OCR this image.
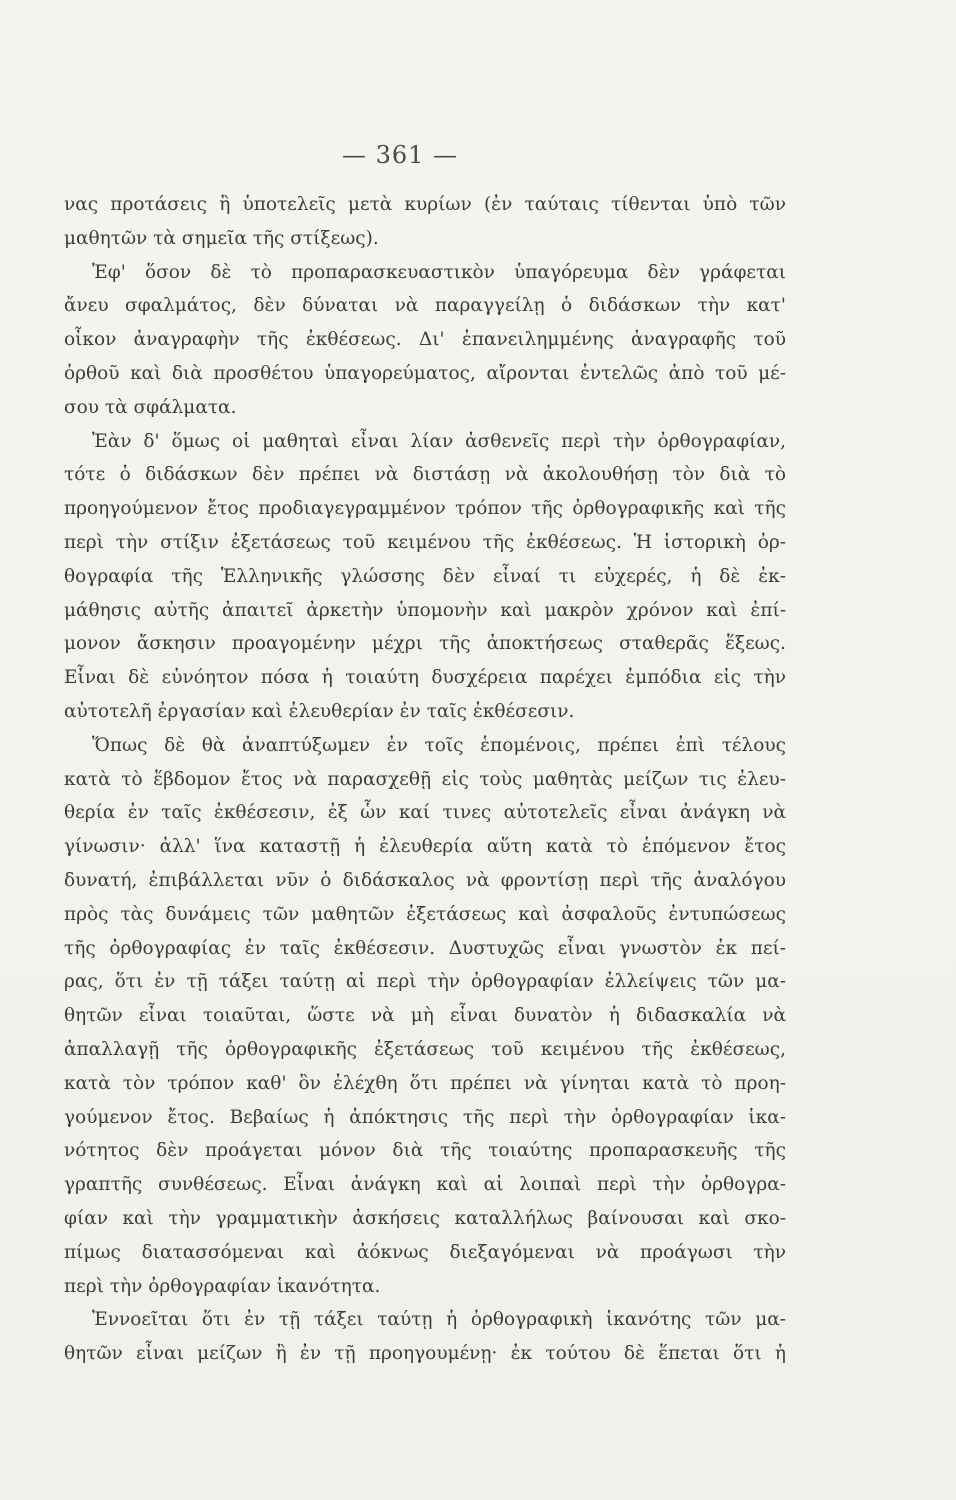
— 361 —
νας προτάσεις ἢ ὑποτελεῖς μετὰ κυρίων (ἐν ταύταις τίθενται ὑπὸ τῶν
μαθητῶν τὰ σημεῖα τῆς στίξεως).
Ἐφ' ὅσον δὲ τὸ προπαρασκευαστικὸν ὑπαγόρευμα δὲν γράφεται
ἄνευ σφαλμάτος, δὲν δύναται νὰ παραγγείλῃ ὁ διδάσκων τὴν κατ'
οἶκον ἀναγραφὴν τῆς ἐκθέσεως. Δι' ἐπανειλημμένης ἀναγραφῆς τοῦ
ὀρθοῦ καὶ διὰ προσθέτου ὑπαγορεύματος, αἴρονται ἐντελῶς ἀπὸ τοῦ μέ-
σου τὰ σφάλματα.
Ἐὰν δ' ὅμως οἱ μαθηταὶ εἶναι λίαν ἀσθενεῖς περὶ τὴν ὀρθογραφίαν,
τότε ὁ διδάσκων δὲν πρέπει νὰ διστάσῃ νὰ ἀκολουθήσῃ τὸν διὰ τὸ
προηγούμενον ἔτος προδιαγεγραμμένον τρόπον τῆς ὀρθογραφικῆς καὶ τῆς
περὶ τὴν στίξιν ἐξετάσεως τοῦ κειμένου τῆς ἐκθέσεως. Ἡ ἱστορικὴ ὀρ-
θογραφία τῆς Ἑλληνικῆς γλώσσης δὲν εἶναί τι εὐχερές, ἡ δὲ ἐκ-
μάθησις αὐτῆς ἀπαιτεῖ ἀρκετὴν ὑπομονὴν καὶ μακρὸν χρόνον καὶ ἐπί-
μονον ἄσκησιν προαγομένην μέχρι τῆς ἀποκτήσεως σταθερᾶς ἕξεως.
Εἶναι δὲ εὐνόητον πόσα ἡ τοιαύτη δυσχέρεια παρέχει ἐμπόδια εἰς τὴν
αὐτοτελῆ ἐργασίαν καὶ ἐλευθερίαν ἐν ταῖς ἐκθέσεσιν.
Ὅπως δὲ θὰ ἀναπτύξωμεν ἐν τοῖς ἑπομένοις, πρέπει ἐπὶ τέλους
κατὰ τὸ ἕβδομον ἔτος νὰ παρασχεθῇ εἰς τοὺς μαθητὰς μείζων τις ἐλευ-
θερία ἐν ταῖς ἐκθέσεσιν, ἐξ ὧν καί τινες αὐτοτελεῖς εἶναι ἀνάγκη νὰ
γίνωσιν· ἀλλ' ἵνα καταστῇ ἡ ἐλευθερία αὕτη κατὰ τὸ ἑπόμενον ἔτος
δυνατή, ἐπιβάλλεται νῦν ὁ διδάσκαλος νὰ φροντίσῃ περὶ τῆς ἀναλόγου
πρὸς τὰς δυνάμεις τῶν μαθητῶν ἐξετάσεως καὶ ἀσφαλοῦς ἐντυπώσεως
τῆς ὀρθογραφίας ἐν ταῖς ἐκθέσεσιν. Δυστυχῶς εἶναι γνωστὸν ἐκ πεί-
ρας, ὅτι ἐν τῇ τάξει ταύτῃ αἱ περὶ τὴν ὀρθογραφίαν ἐλλείψεις τῶν μα-
θητῶν εἶναι τοιαῦται, ὥστε νὰ μὴ εἶναι δυνατὸν ἡ διδασκαλία νὰ
ἀπαλλαγῇ τῆς ὀρθογραφικῆς ἐξετάσεως τοῦ κειμένου τῆς ἐκθέσεως,
κατὰ τὸν τρόπον καθ' ὃν ἐλέχθη ὅτι πρέπει νὰ γίνηται κατὰ τὸ προη-
γούμενον ἔτος. Βεβαίως ἡ ἀπόκτησις τῆς περὶ τὴν ὀρθογραφίαν ἱκα-
νότητος δὲν προάγεται μόνον διὰ τῆς τοιαύτης προπαρασκευῆς τῆς
γραπτῆς συνθέσεως. Εἶναι ἀνάγκη καὶ αἱ λοιπαὶ περὶ τὴν ὀρθογρα-
φίαν καὶ τὴν γραμματικὴν ἀσκήσεις καταλλήλως βαίνουσαι καὶ σκο-
πίμως διατασσόμεναι καὶ ἀόκνως διεξαγόμεναι νὰ προάγωσι τὴν
περὶ τὴν ὀρθογραφίαν ἱκανότητα.
Ἐννοεῖται ὅτι ἐν τῇ τάξει ταύτῃ ἡ ὀρθογραφικὴ ἱκανότης τῶν μα-
θητῶν εἶναι μείζων ἢ ἐν τῇ προηγουμένῃ· ἐκ τούτου δὲ ἕπεται ὅτι ἡ
